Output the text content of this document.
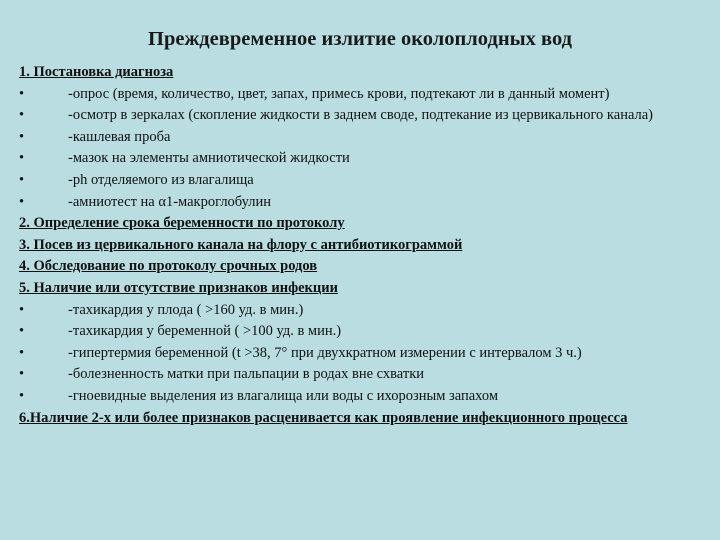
Преждевременное излитие околоплодных вод
1. Постановка диагноза
•	-опрос (время, количество, цвет, запах, примесь крови, подтекают ли в данный момент)
•	-осмотр в зеркалах (скопление жидкости в заднем своде, подтекание из цервикального канала)
•	-кашлевая проба
•	-мазок на элементы амниотической жидкости
•	-ph отделяемого из влагалища
•	-амниотест на α1-макроглобулин
2. Определение срока беременности по протоколу
3. Посев из цервикального канала на флору с антибиотикограммой
4. Обследование по протоколу срочных родов
5. Наличие или отсутствие признаков инфекции
•	-тахикардия у плода ( >160 уд. в мин.)
•	-тахикардия у беременной ( >100 уд. в мин.)
•	-гипертермия беременной (t >38, 7° при двухкратном измерении с интервалом 3 ч.)
•	-болезненность матки при пальпации в родах вне схватки
•	-гноевидные выделения из влагалища или воды с ихорозным запахом
6.Наличие 2-х или более признаков расценивается как проявление инфекционного процесса
